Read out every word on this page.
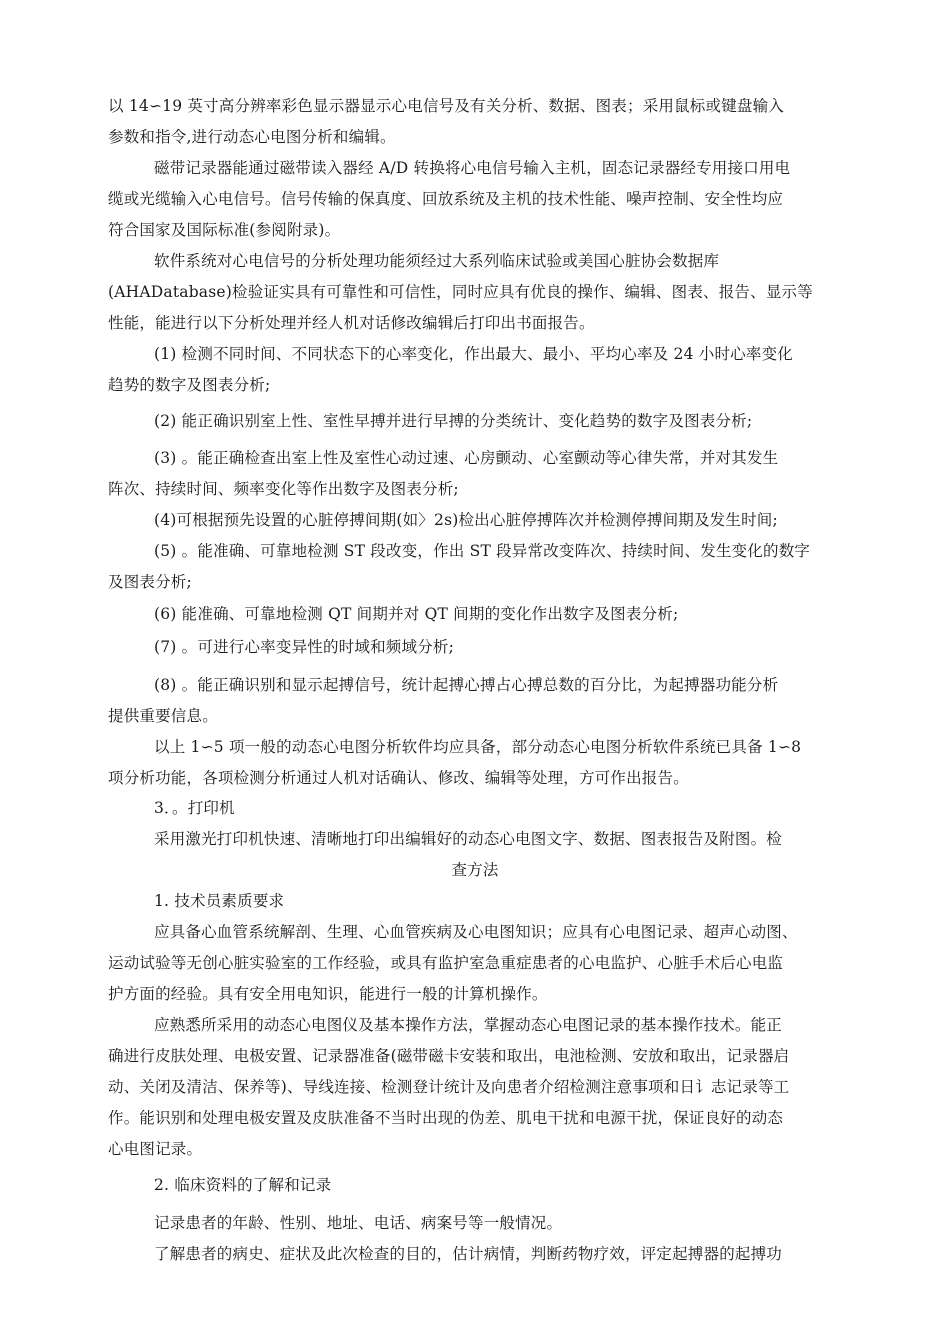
以 14∽19 英寸高分辨率彩色显示器显示心电信号及有关分析、数据、图表；采用鼠标或键盘输入
参数和指令,进行动态心电图分析和编辑。
磁带记录器能通过磁带读入器经 A/D 转换将心电信号输入主机，固态记录器经专用接口用电
缆或光缆输入心电信号。信号传输的保真度、回放系统及主机的技术性能、噪声控制、安全性均应
符合国家及国际标准(参阅附录)。
软件系统对心电信号的分析处理功能须经过大系列临床试验或美国心脏协会数据库
(AHADatabase)检验证实具有可靠性和可信性，同时应具有优良的操作、编辑、图表、报告、显示等
性能，能进行以下分析处理并经人机对话修改编辑后打印出书面报告。
(1) 检测不同时间、不同状态下的心率变化，作出最大、最小、平均心率及 24 小时心率变化
趋势的数字及图表分析;
(2) 能正确识别室上性、室性早搏并进行早搏的分类统计、变化趋势的数字及图表分析;
(3) 。能正确检查出室上性及室性心动过速、心房颤动、心室颤动等心律失常，并对其发生
阵次、持续时间、频率变化等作出数字及图表分析;
(4)可根据预先设置的心脏停搏间期(如〉2s)检出心脏停搏阵次并检测停搏间期及发生时间;
(5) 。能准确、可靠地检测 ST 段改变，作出 ST 段异常改变阵次、持续时间、发生变化的数字
及图表分析;
(6) 能准确、可靠地检测 QT 间期并对 QT 间期的变化作出数字及图表分析;
(7) 。可进行心率变异性的时域和频域分析;
(8) 。能正确识别和显示起搏信号，统计起搏心搏占心搏总数的百分比，为起搏器功能分析
提供重要信息。
以上 1∽5 项一般的动态心电图分析软件均应具备，部分动态心电图分析软件系统已具备 1∽8
项分析功能，各项检测分析通过人机对话确认、修改、编辑等处理，方可作出报告。
3．。打印机
采用激光打印机快速、清晰地打印出编辑好的动态心电图文字、数据、图表报告及附图。检
查方法
1. 技术员素质要求
应具备心血管系统解剖、生理、心血管疾病及心电图知识；应具有心电图记录、超声心动图、
运动试验等无创心脏实验室的工作经验，或具有监护室急重症患者的心电监护、心脏手术后心电监
护方面的经验。具有安全用电知识，能进行一般的计算机操作。
应熟悉所采用的动态心电图仪及基本操作方法，掌握动态心电图记录的基本操作技术。能正
确进行皮肤处理、电极安置、记录器准备(磁带磁卡安装和取出，电池检测、安放和取出，记录器启
动、关闭及清洁、保养等)、导线连接、检测登计统计及向患者介绍检测注意事项和日讠志记录等工
作。能识别和处理电极安置及皮肤准备不当时出现的伪差、肌电干扰和电源干扰，保证良好的动态
心电图记录。
2. 临床资料的了解和记录
记录患者的年龄、性别、地址、电话、病案号等一般情况。
了解患者的病史、症状及此次检查的目的，估计病情，判断药物疗效，评定起搏器的起搏功
